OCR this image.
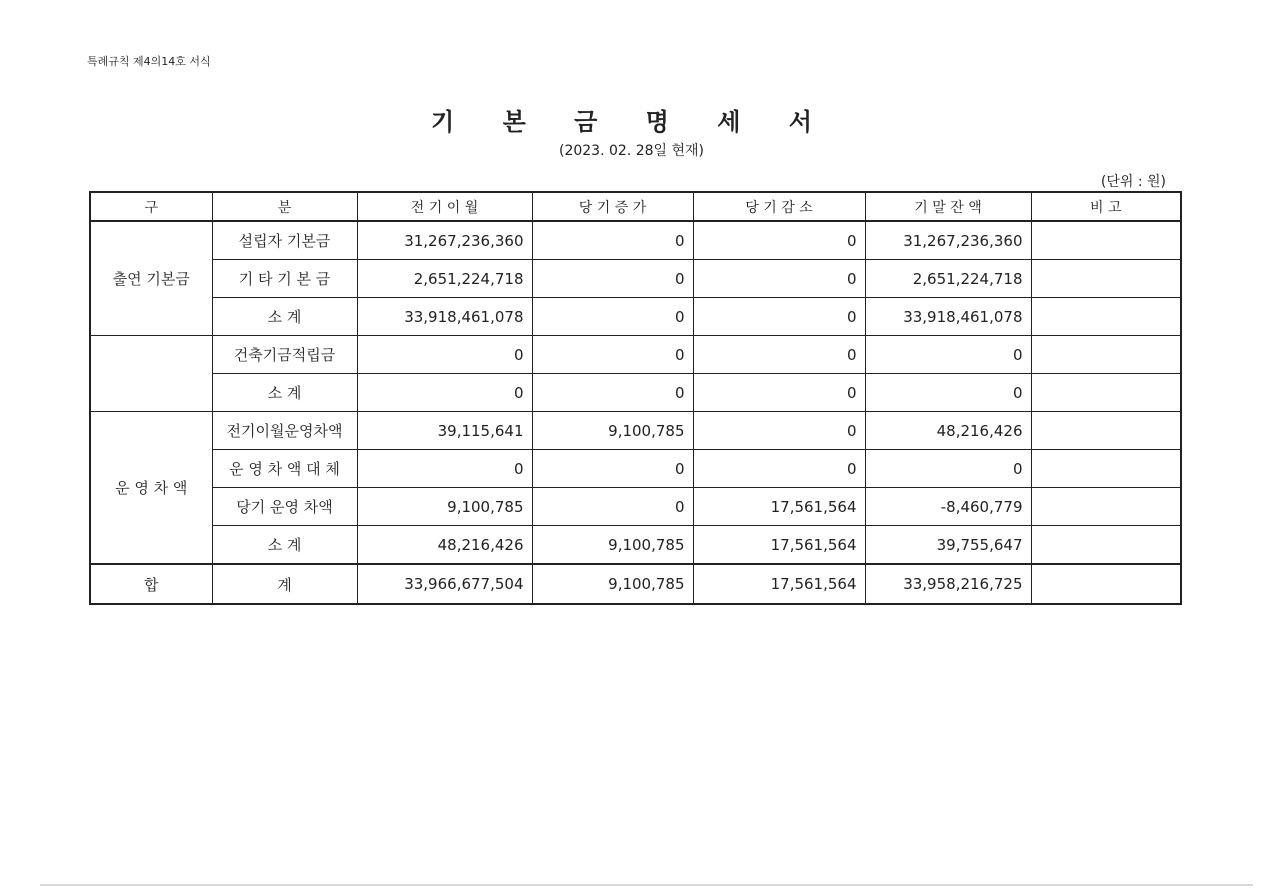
특례규칙 제4의14호 서식
기 본 금 명 세 서
(2023. 02. 28일 현재)
(단위 : 원)
구	분	전 기 이 월	당 기 증 가	당 기 감 소	기 말 잔 액	비 고
출연 기본금	설립자 기본금	31,267,236,360	0	0	31,267,236,360	
	기 타 기 본 금	2,651,224,718	0	0	2,651,224,718	
	소 계	33,918,461,078	0	0	33,918,461,078	
	건축기금적립금	0	0	0	0	
	소 계	0	0	0	0	
운 영 차 액	전기이월운영차액	39,115,641	9,100,785	0	48,216,426	
	운 영 차 액 대 체	0	0	0	0	
	당기 운영 차액	9,100,785	0	17,561,564	-8,460,779	
	소 계	48,216,426	9,100,785	17,561,564	39,755,647	
합	계	33,966,677,504	9,100,785	17,561,564	33,958,216,725	
